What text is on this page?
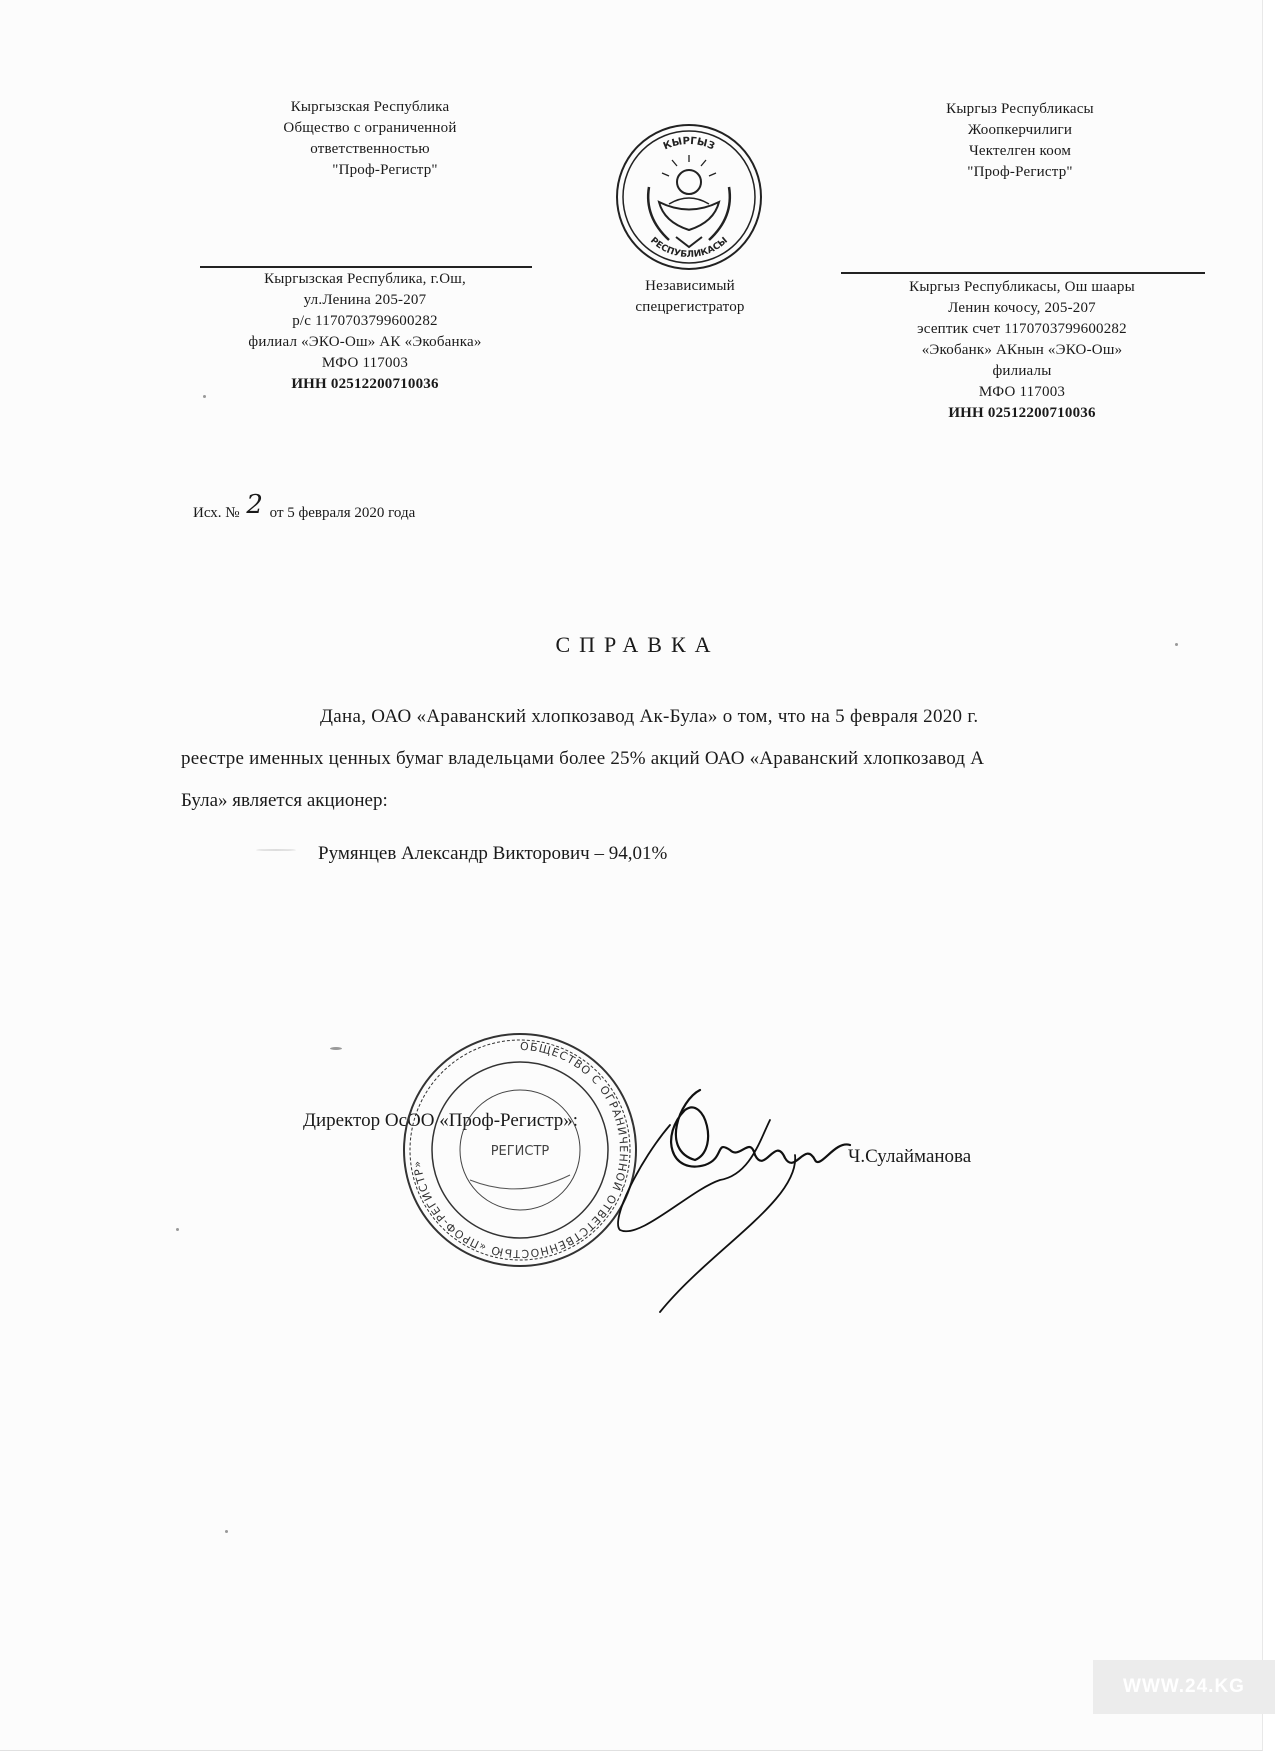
Кыргызская Республика
Общество с ограниченной
ответственностью
"Проф-Регистр"
Кыргыз Республикасы
Жоопкерчилиги
Чектелген коом
"Проф-Регистр"
КЫРГЫЗ
РЕСПУБЛИКАСЫ
Независимый
спецрегистратор
Кыргызская Республика, г.Ош,
ул.Ленина 205-207
р/с 1170703799600282
филиал «ЭКО-Ош» АК «Экобанка»
МФО 117003
ИНН 02512200710036
Кыргыз Республикасы, Ош шаары
Ленин кочосу, 205-207
эсептик счет 1170703799600282
«Экобанк» АКнын «ЭКО-Ош»
филиалы
МФО 117003
ИНН 02512200710036
Исх. № 2 от 5 февраля 2020 года
СПРАВКА
Дана, ОАО «Араванский хлопкозавод Ак-Була» о том, что на 5 февраля 2020 г.
реестре именных ценных бумаг владельцами более 25% акций ОАО «Араванский хлопкозавод А
Була» является акционер:
Румянцев Александр Викторович – 94,01%
Директор ОсОО «Проф-Регистр»:
Ч.Сулайманова
ОБЩЕСТВО С ОГРАНИЧЕННОЙ ОТВЕТСТВЕННОСТЬЮ «ПРОФ-РЕГИСТР»
РЕГИСТР
WWW.24.KG
